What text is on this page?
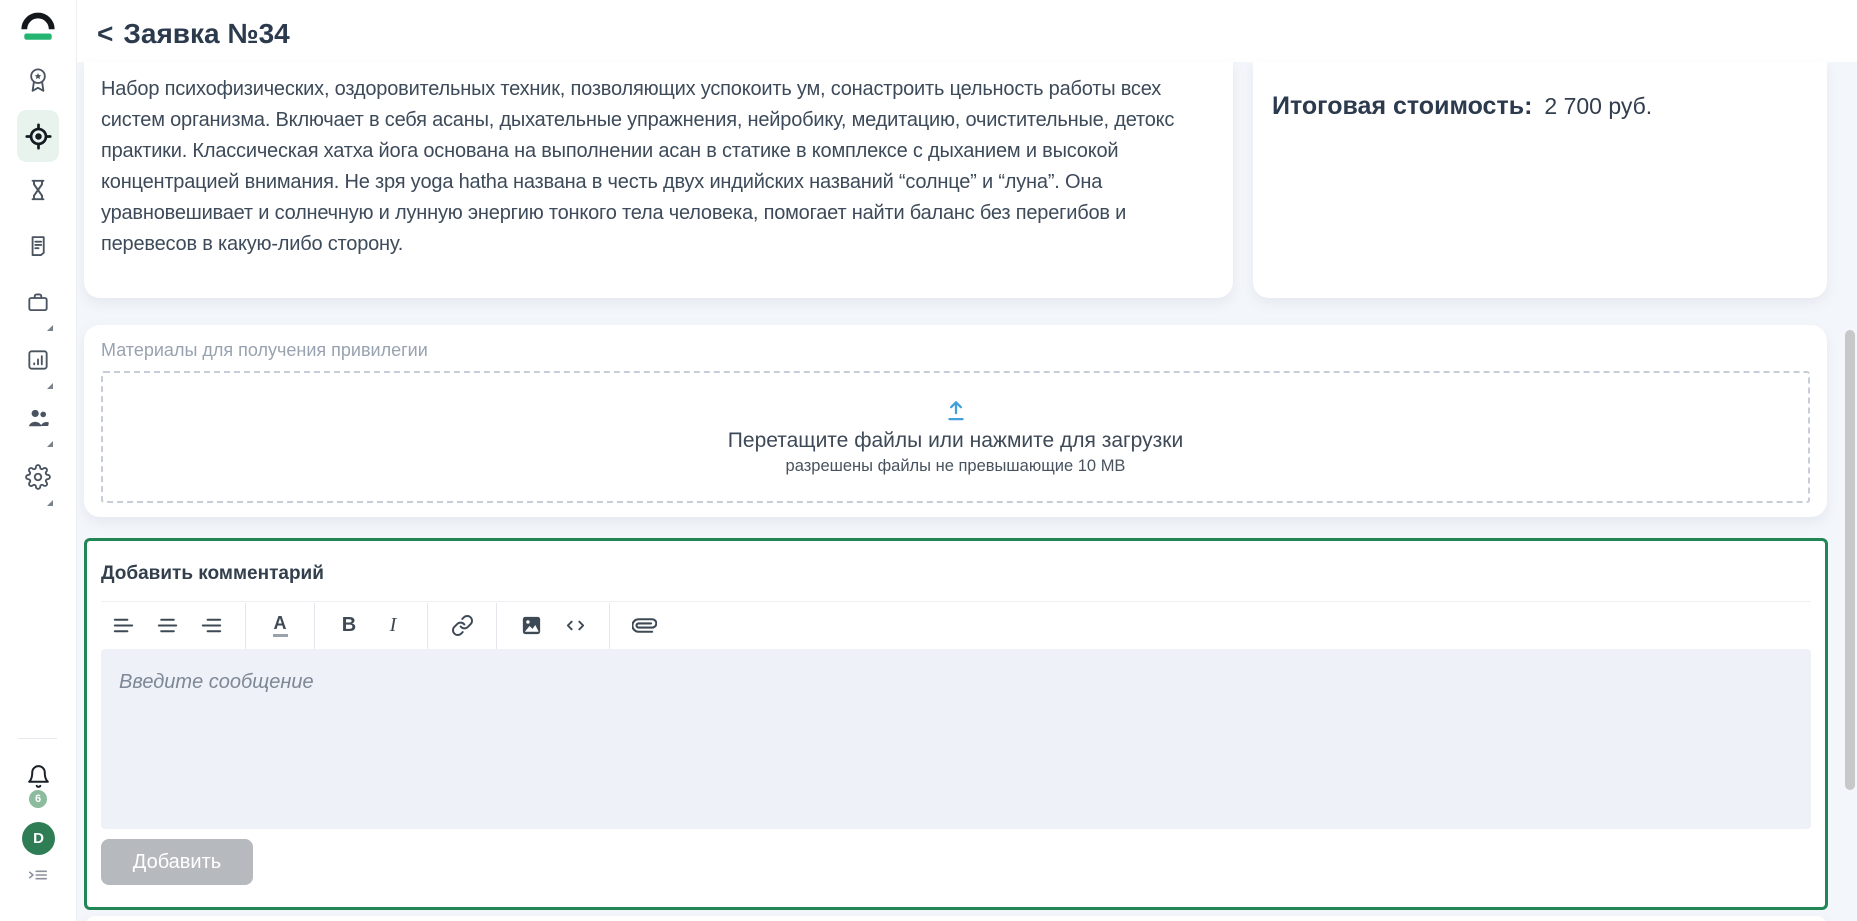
6
D
< Заявка №34

Набор психофизических, оздоровительных техник, позволяющих успокоить ум, сонастроить цельность работы всех систем организма. Включает в себя асаны, дыхательные упражнения, нейробику, медитацию, очистительные, детокс практики. Классическая хатха йога основана на выполнении асан в статике в комплексе с дыханием и высокой концентрацией внимания. Не зря yoga hatha названа в честь двух индийских названий “солнце” и “луна”. Она уравновешивает и солнечную и лунную энергию тонкого тела человека, помогает найти баланс без перегибов и перевесов в какую-либо сторону.

Итоговая стоимость: 2 700 руб.
Материалы для получения привилегии
Перетащите файлы или нажмите для загрузки
разрешены файлы не превышающие 10 MB
Добавить комментарий
A	B	I
Введите сообщение Добавить
